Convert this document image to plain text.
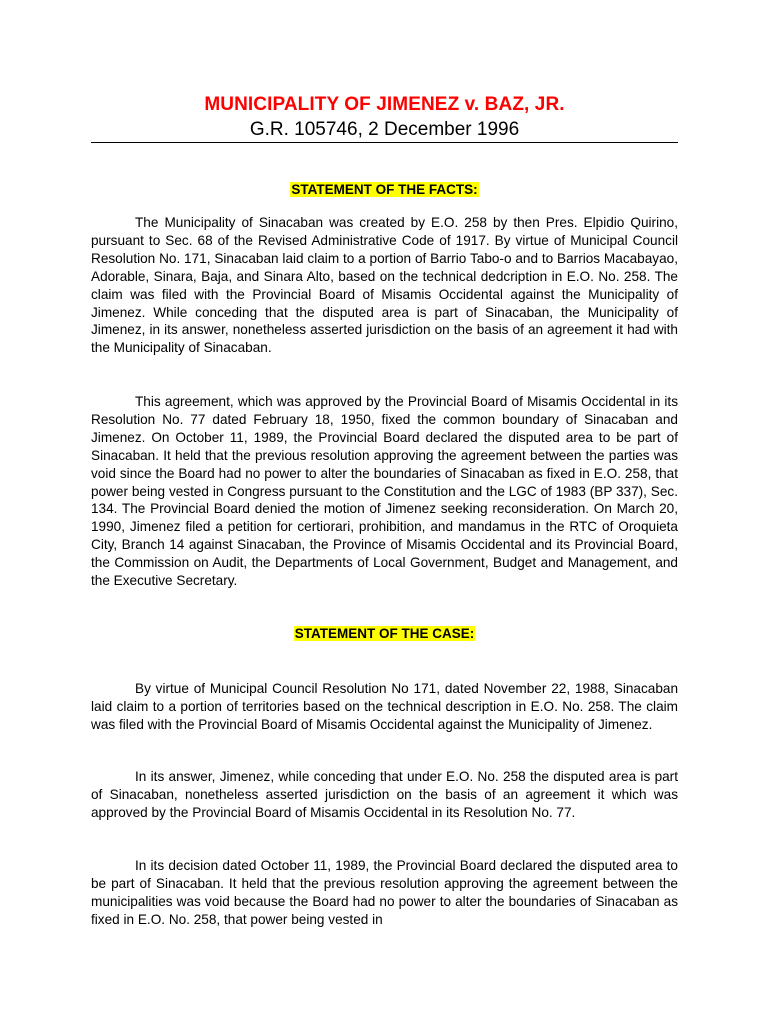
MUNICIPALITY OF JIMENEZ v. BAZ, JR.
G.R. 105746, 2 December 1996
STATEMENT OF THE FACTS:

The Municipality of Sinacaban was created by E.O. 258 by then Pres. Elpidio Quirino, pursuant to Sec. 68 of the Revised Administrative Code of 1917. By virtue of Municipal Council Resolution No. 171, Sinacaban laid claim to a portion of Barrio Tabo-o and to Barrios Macabayao, Adorable, Sinara, Baja, and Sinara Alto, based on the technical dedcription in E.O. No. 258. The claim was filed with the Provincial Board of Misamis Occidental against the Municipality of Jimenez. While conceding that the disputed area is part of Sinacaban, the Municipality of Jimenez, in its answer, nonetheless asserted jurisdiction on the basis of an agreement it had with the Municipality of Sinacaban.

This agreement, which was approved by the Provincial Board of Misamis Occidental in its Resolution No. 77 dated February 18, 1950, fixed the common boundary of Sinacaban and Jimenez. On October 11, 1989, the Provincial Board declared the disputed area to be part of Sinacaban. It held that the previous resolution approving the agreement between the parties was void since the Board had no power to alter the boundaries of Sinacaban as fixed in E.O. 258, that power being vested in Congress pursuant to the Constitution and the LGC of 1983 (BP 337), Sec. 134. The Provincial Board denied the motion of Jimenez seeking reconsideration. On March 20, 1990, Jimenez filed a petition for certiorari, prohibition, and mandamus in the RTC of Oroquieta City, Branch 14 against Sinacaban, the Province of Misamis Occidental and its Provincial Board, the Commission on Audit, the Departments of Local Government, Budget and Management, and the Executive Secretary.

STATEMENT OF THE CASE:

By virtue of Municipal Council Resolution No 171, dated November 22, 1988, Sinacaban laid claim to a portion of territories based on the technical description in E.O. No. 258. The claim was filed with the Provincial Board of Misamis Occidental against the Municipality of Jimenez.

In its answer, Jimenez, while conceding that under E.O. No. 258 the disputed area is part of Sinacaban, nonetheless asserted jurisdiction on the basis of an agreement it which was approved by the Provincial Board of Misamis Occidental in its Resolution No. 77.

In its decision dated October 11, 1989, the Provincial Board declared the disputed area to be part of Sinacaban. It held that the previous resolution approving the agreement between the municipalities was void because the Board had no power to alter the boundaries of Sinacaban as fixed in E.O. No. 258, that power being vested in
